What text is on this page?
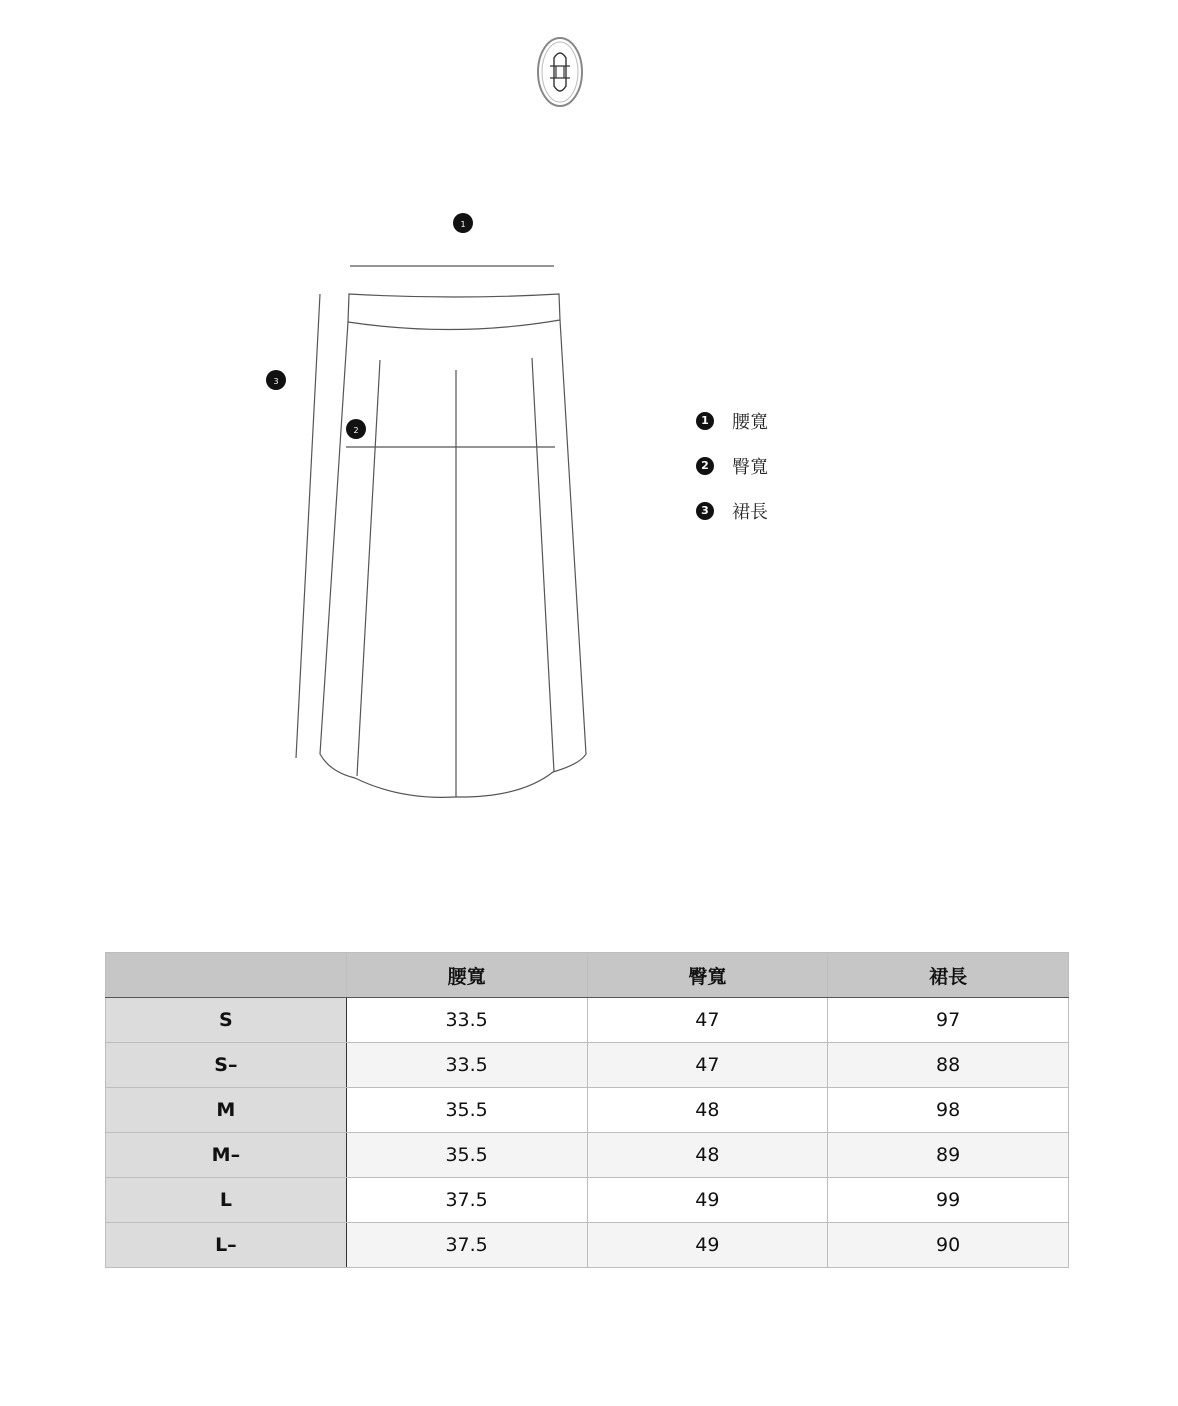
1
2
3
1 腰寬
2 臀寬
3 裙長
	腰寬	臀寬	裙長
S	33.5	47	97
S–	33.5	47	88
M	35.5	48	98
M–	35.5	48	89
L	37.5	49	99
L–	37.5	49	90
